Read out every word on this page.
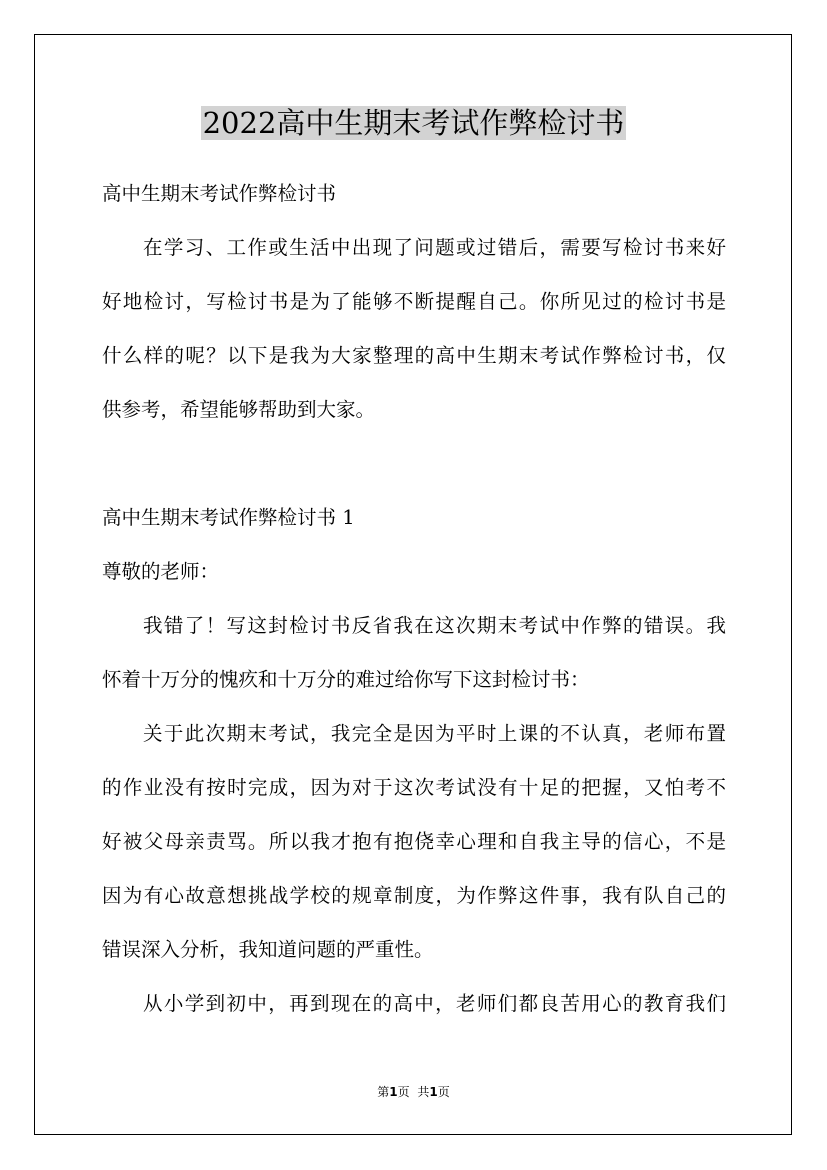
2022高中生期末考试作弊检讨书

高中生期末考试作弊检讨书

在学习、工作或生活中出现了问题或过错后，需要写检讨书来好

好地检讨，写检讨书是为了能够不断提醒自己。你所见过的检讨书是

什么样的呢？以下是我为大家整理的高中生期末考试作弊检讨书，仅

供参考，希望能够帮助到大家。

高中生期末考试作弊检讨书 1

尊敬的老师：

我错了！写这封检讨书反省我在这次期末考试中作弊的错误。我

怀着十万分的愧疚和十万分的难过给你写下这封检讨书：

关于此次期末考试，我完全是因为平时上课的不认真，老师布置

的作业没有按时完成，因为对于这次考试没有十足的把握，又怕考不

好被父母亲责骂。所以我才抱有抱侥幸心理和自我主导的信心，不是

因为有心故意想挑战学校的规章制度，为作弊这件事，我有队自己的

错误深入分析，我知道问题的严重性。

从小学到初中，再到现在的高中，老师们都良苦用心的教育我们

第1页 共1页
